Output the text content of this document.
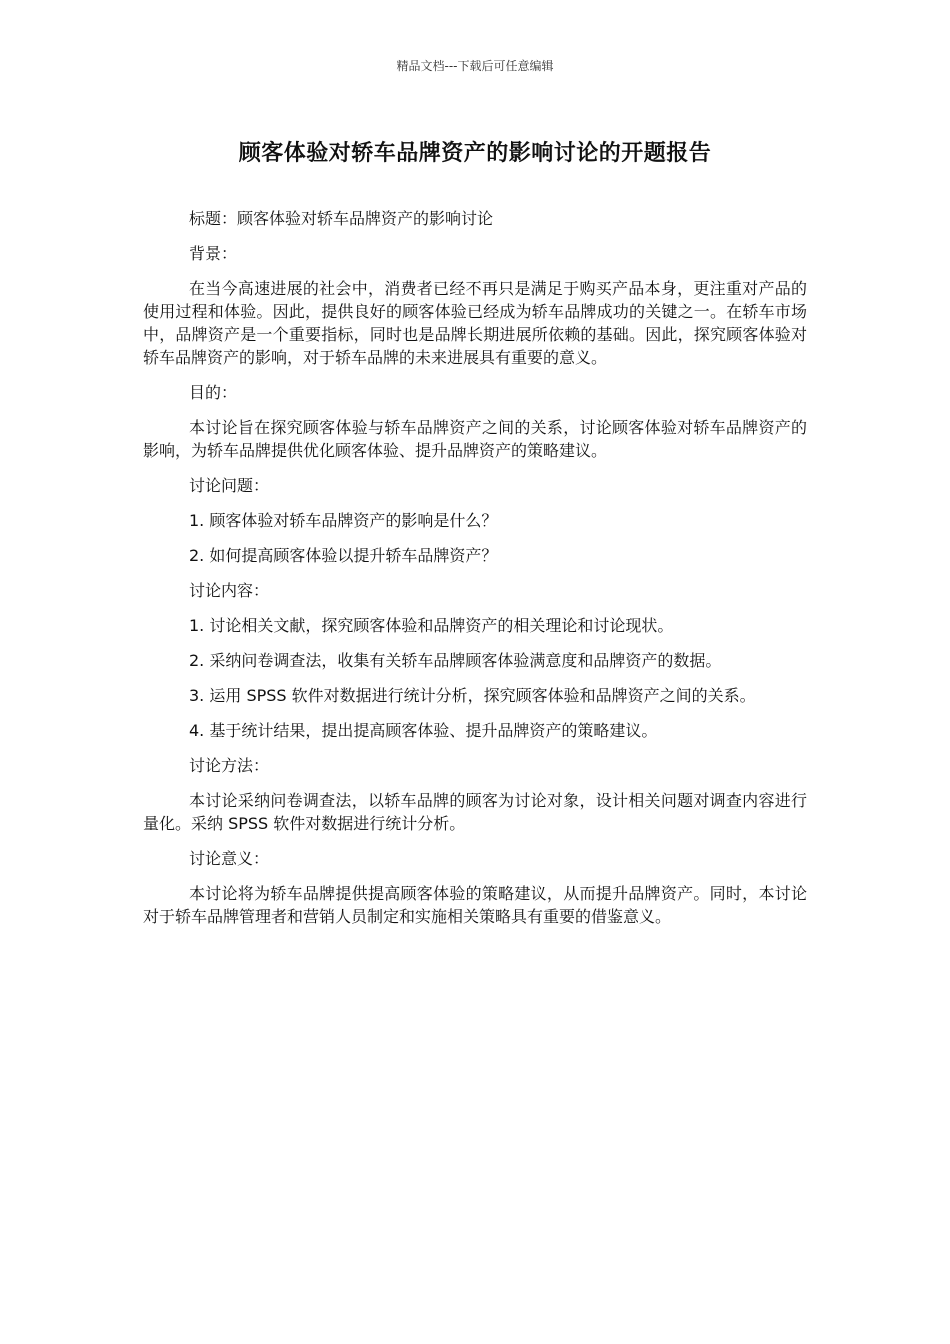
精品文档---下载后可任意编辑
顾客体验对轿车品牌资产的影响讨论的开题报告

标题：顾客体验对轿车品牌资产的影响讨论

背景：

在当今高速进展的社会中，消费者已经不再只是满足于购买产品本身，更注重对产品的使用过程和体验。因此，提供良好的顾客体验已经成为轿车品牌成功的关键之一。在轿车市场中，品牌资产是一个重要指标，同时也是品牌长期进展所依赖的基础。因此，探究顾客体验对轿车品牌资产的影响，对于轿车品牌的未来进展具有重要的意义。

目的：

本讨论旨在探究顾客体验与轿车品牌资产之间的关系，讨论顾客体验对轿车品牌资产的影响，为轿车品牌提供优化顾客体验、提升品牌资产的策略建议。

讨论问题：

1. 顾客体验对轿车品牌资产的影响是什么？

2. 如何提高顾客体验以提升轿车品牌资产？

讨论内容：

1. 讨论相关文献，探究顾客体验和品牌资产的相关理论和讨论现状。

2. 采纳问卷调查法，收集有关轿车品牌顾客体验满意度和品牌资产的数据。

3. 运用 SPSS 软件对数据进行统计分析，探究顾客体验和品牌资产之间的关系。

4. 基于统计结果，提出提高顾客体验、提升品牌资产的策略建议。

讨论方法：

本讨论采纳问卷调查法，以轿车品牌的顾客为讨论对象，设计相关问题对调查内容进行量化。采纳 SPSS 软件对数据进行统计分析。

讨论意义：

本讨论将为轿车品牌提供提高顾客体验的策略建议，从而提升品牌资产。同时，本讨论对于轿车品牌管理者和营销人员制定和实施相关策略具有重要的借鉴意义。
